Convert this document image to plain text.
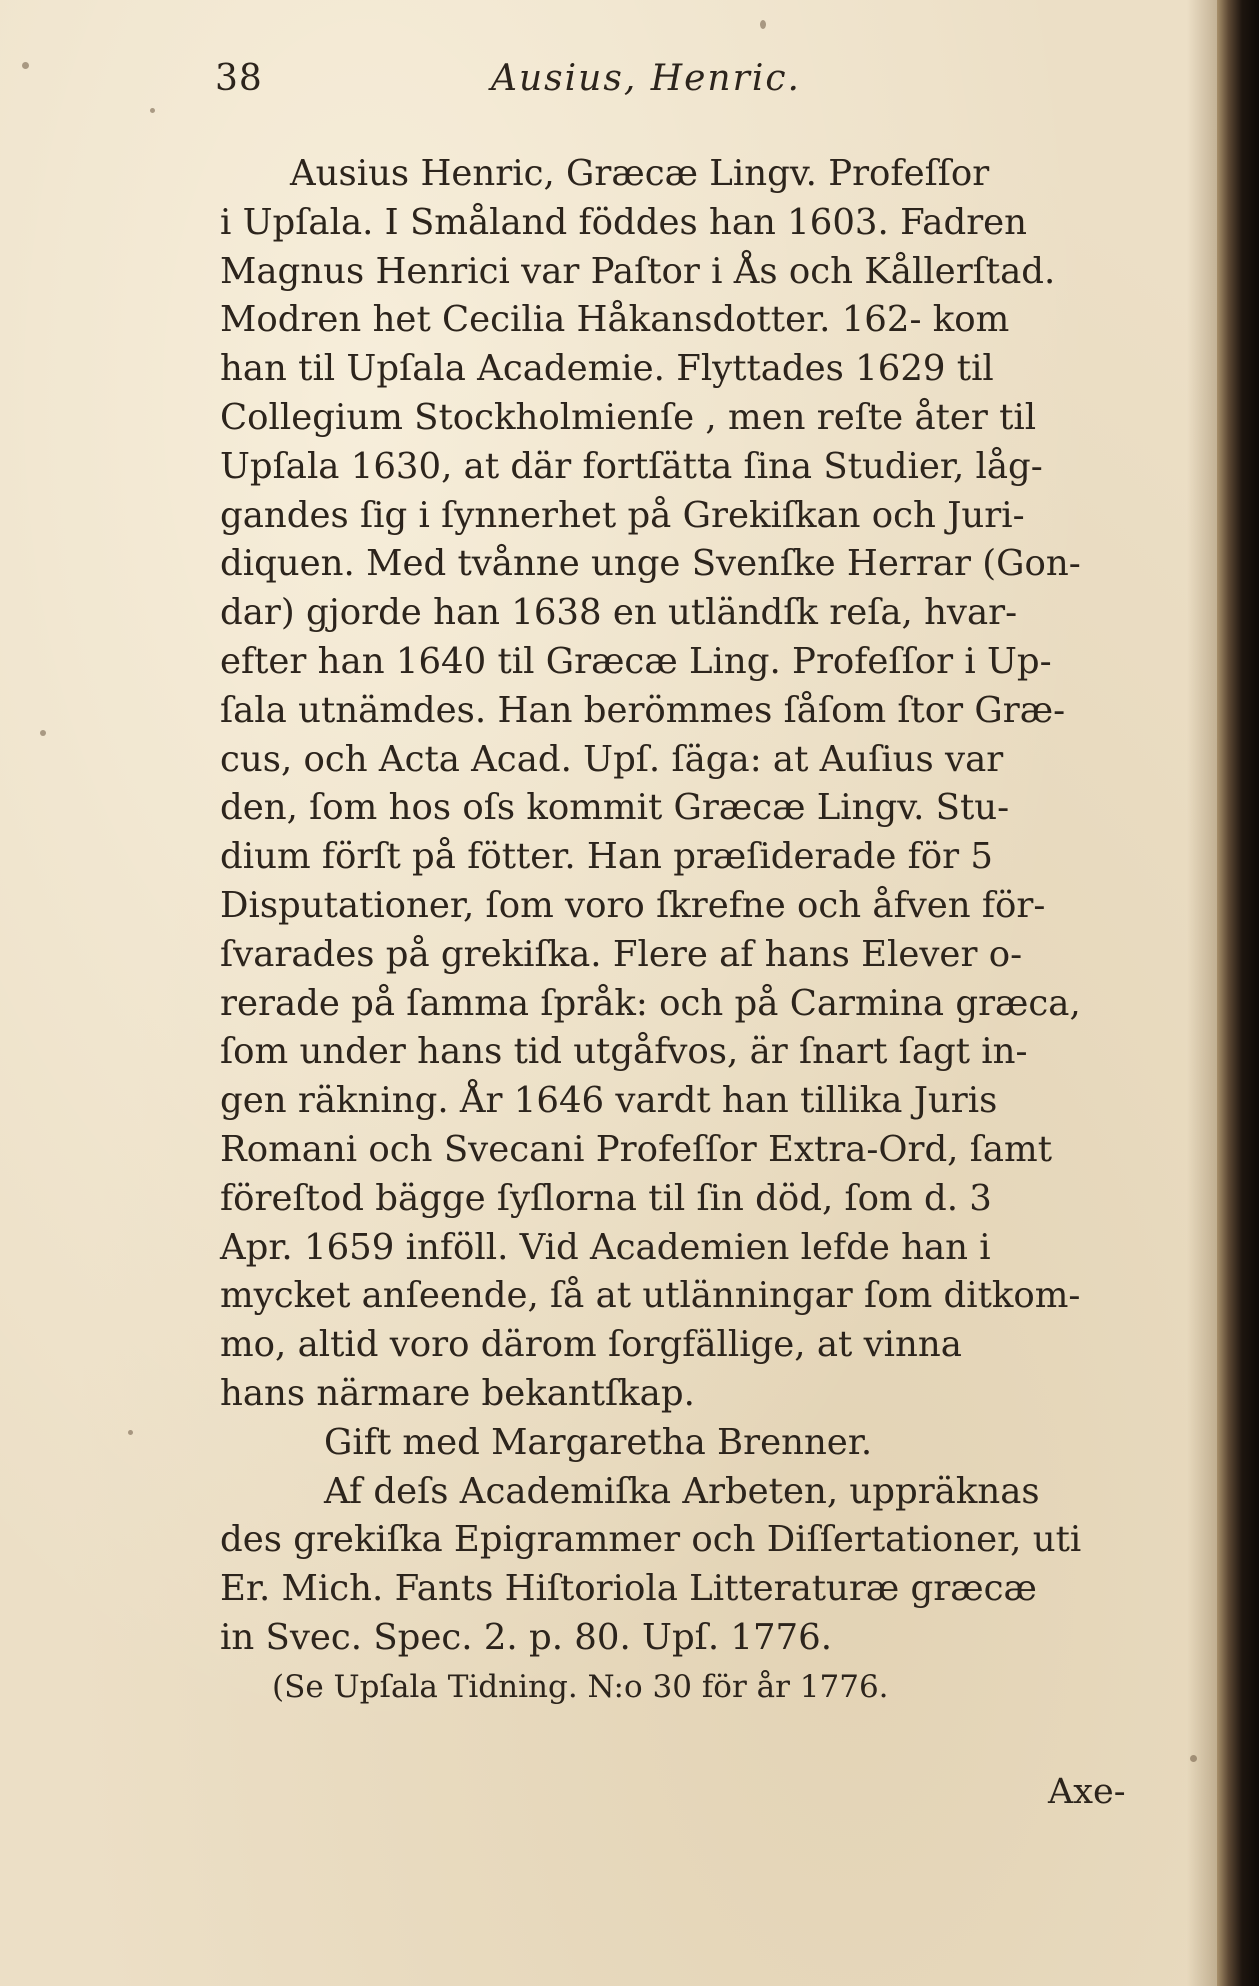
38	Ausius, Henric.
Ausius Henric, Græcæ Lingv. Profeſſor
i Upſala. I Småland föddes han 1603. Fadren
Magnus Henrici var Paſtor i Ås och Kållerſtad.
Modren het Cecilia Håkansdotter. 162- kom
han til Upſala Academie. Flyttades 1629 til
Collegium Stockholmienſe , men reſte åter til
Upſala 1630, at där fortſätta ſina Studier, låg-
gandes ſig i ſynnerhet på Grekiſkan och Juri-
diquen. Med tvånne unge Svenſke Herrar (Gon-
dar) gjorde han 1638 en utländſk reſa, hvar-
efter han 1640 til Græcæ Ling. Profeſſor i Up-
ſala utnämdes. Han berömmes ſåſom ſtor Græ-
cus, och Acta Acad. Upſ. ſäga: at Auſius var
den, ſom hos oſs kommit Græcæ Lingv. Stu-
dium förſt på fötter. Han præſiderade för 5
Disputationer, ſom voro ſkrefne och åfven för-
ſvarades på grekiſka. Flere af hans Elever o-
rerade på ſamma ſpråk: och på Carmina græca,
ſom under hans tid utgåfvos, är ſnart ſagt in-
gen räkning. År 1646 vardt han tillika Juris
Romani och Svecani Profeſſor Extra-Ord, ſamt
föreſtod bägge ſyſlorna til ſin död, ſom d. 3
Apr. 1659 inföll. Vid Academien lefde han i
mycket anſeende, ſå at utlänningar ſom ditkom-
mo, altid voro därom ſorgfällige, at vinna
hans närmare bekantſkap.
Gift med Margaretha Brenner.
Af deſs Academiſka Arbeten, uppräknas
des grekiſka Epigrammer och Diſſertationer, uti
Er. Mich. Fants Hiſtoriola Litteraturæ græcæ
in Svec. Spec. 2. p. 80. Upſ. 1776.
(Se Upſala Tidning. N:o 30 för år 1776.
Axe-
